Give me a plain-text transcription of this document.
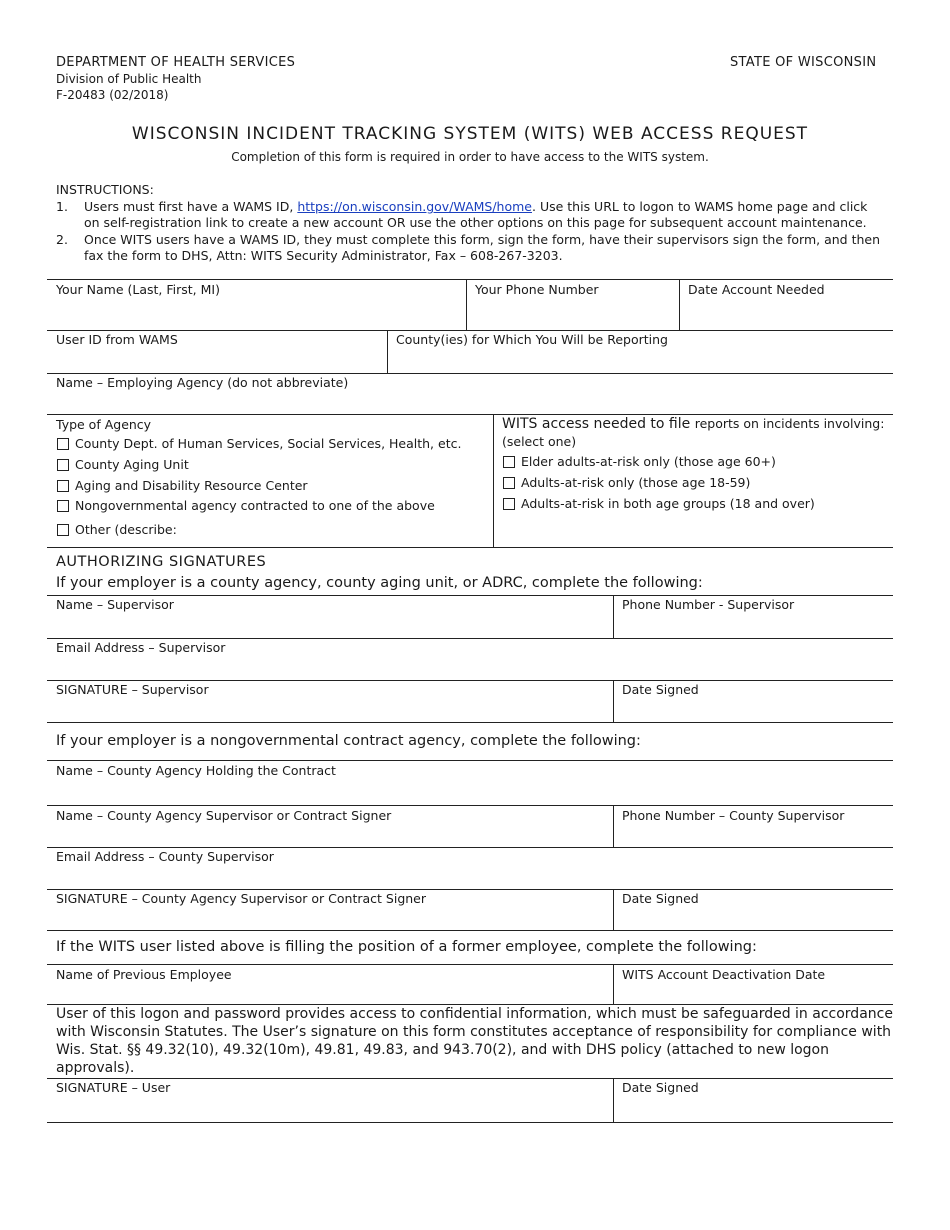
DEPARTMENT OF HEALTH SERVICES
Division of Public Health
F-20483 (02/2018)
STATE OF WISCONSIN
WISCONSIN INCIDENT TRACKING SYSTEM (WITS) WEB ACCESS REQUEST
Completion of this form is required in order to have access to the WITS system.
INSTRUCTIONS:
1. Users must first have a WAMS ID, https://on.wisconsin.gov/WAMS/home. Use this URL to logon to WAMS home page and click
on self-registration link to create a new account OR use the other options on this page for subsequent account maintenance.
2. Once WITS users have a WAMS ID, they must complete this form, sign the form, have their supervisors sign the form, and then
fax the form to DHS, Attn: WITS Security Administrator, Fax – 608-267-3203.
Your Name (Last, First, MI)	Your Phone Number	Date Account Needed
User ID from WAMS	County(ies) for Which You Will be Reporting
Name – Employing Agency (do not abbreviate)
Type of Agency
County Dept. of Human Services, Social Services, Health, etc.
County Aging Unit
Aging and Disability Resource Center
Nongovernmental agency contracted to one of the above
Other (describe:
WITS access needed to file reports on incidents involving:
(select one)
Elder adults-at-risk only (those age 60+)
Adults-at-risk only (those age 18-59)
Adults-at-risk in both age groups (18 and over)
AUTHORIZING SIGNATURES
If your employer is a county agency, county aging unit, or ADRC, complete the following:
Name – Supervisor	Phone Number - Supervisor
Email Address – Supervisor
SIGNATURE – Supervisor	Date Signed
If your employer is a nongovernmental contract agency, complete the following:
Name – County Agency Holding the Contract
Name – County Agency Supervisor or Contract Signer	Phone Number – County Supervisor
Email Address – County Supervisor
SIGNATURE – County Agency Supervisor or Contract Signer	Date Signed
If the WITS user listed above is filling the position of a former employee, complete the following:
Name of Previous Employee	WITS Account Deactivation Date
User of this logon and password provides access to confidential information, which must be safeguarded in accordance
with Wisconsin Statutes. The User’s signature on this form constitutes acceptance of responsibility for compliance with
Wis. Stat. §§ 49.32(10), 49.32(10m), 49.81, 49.83, and 943.70(2), and with DHS policy (attached to new logon
approvals).
SIGNATURE – User	Date Signed
